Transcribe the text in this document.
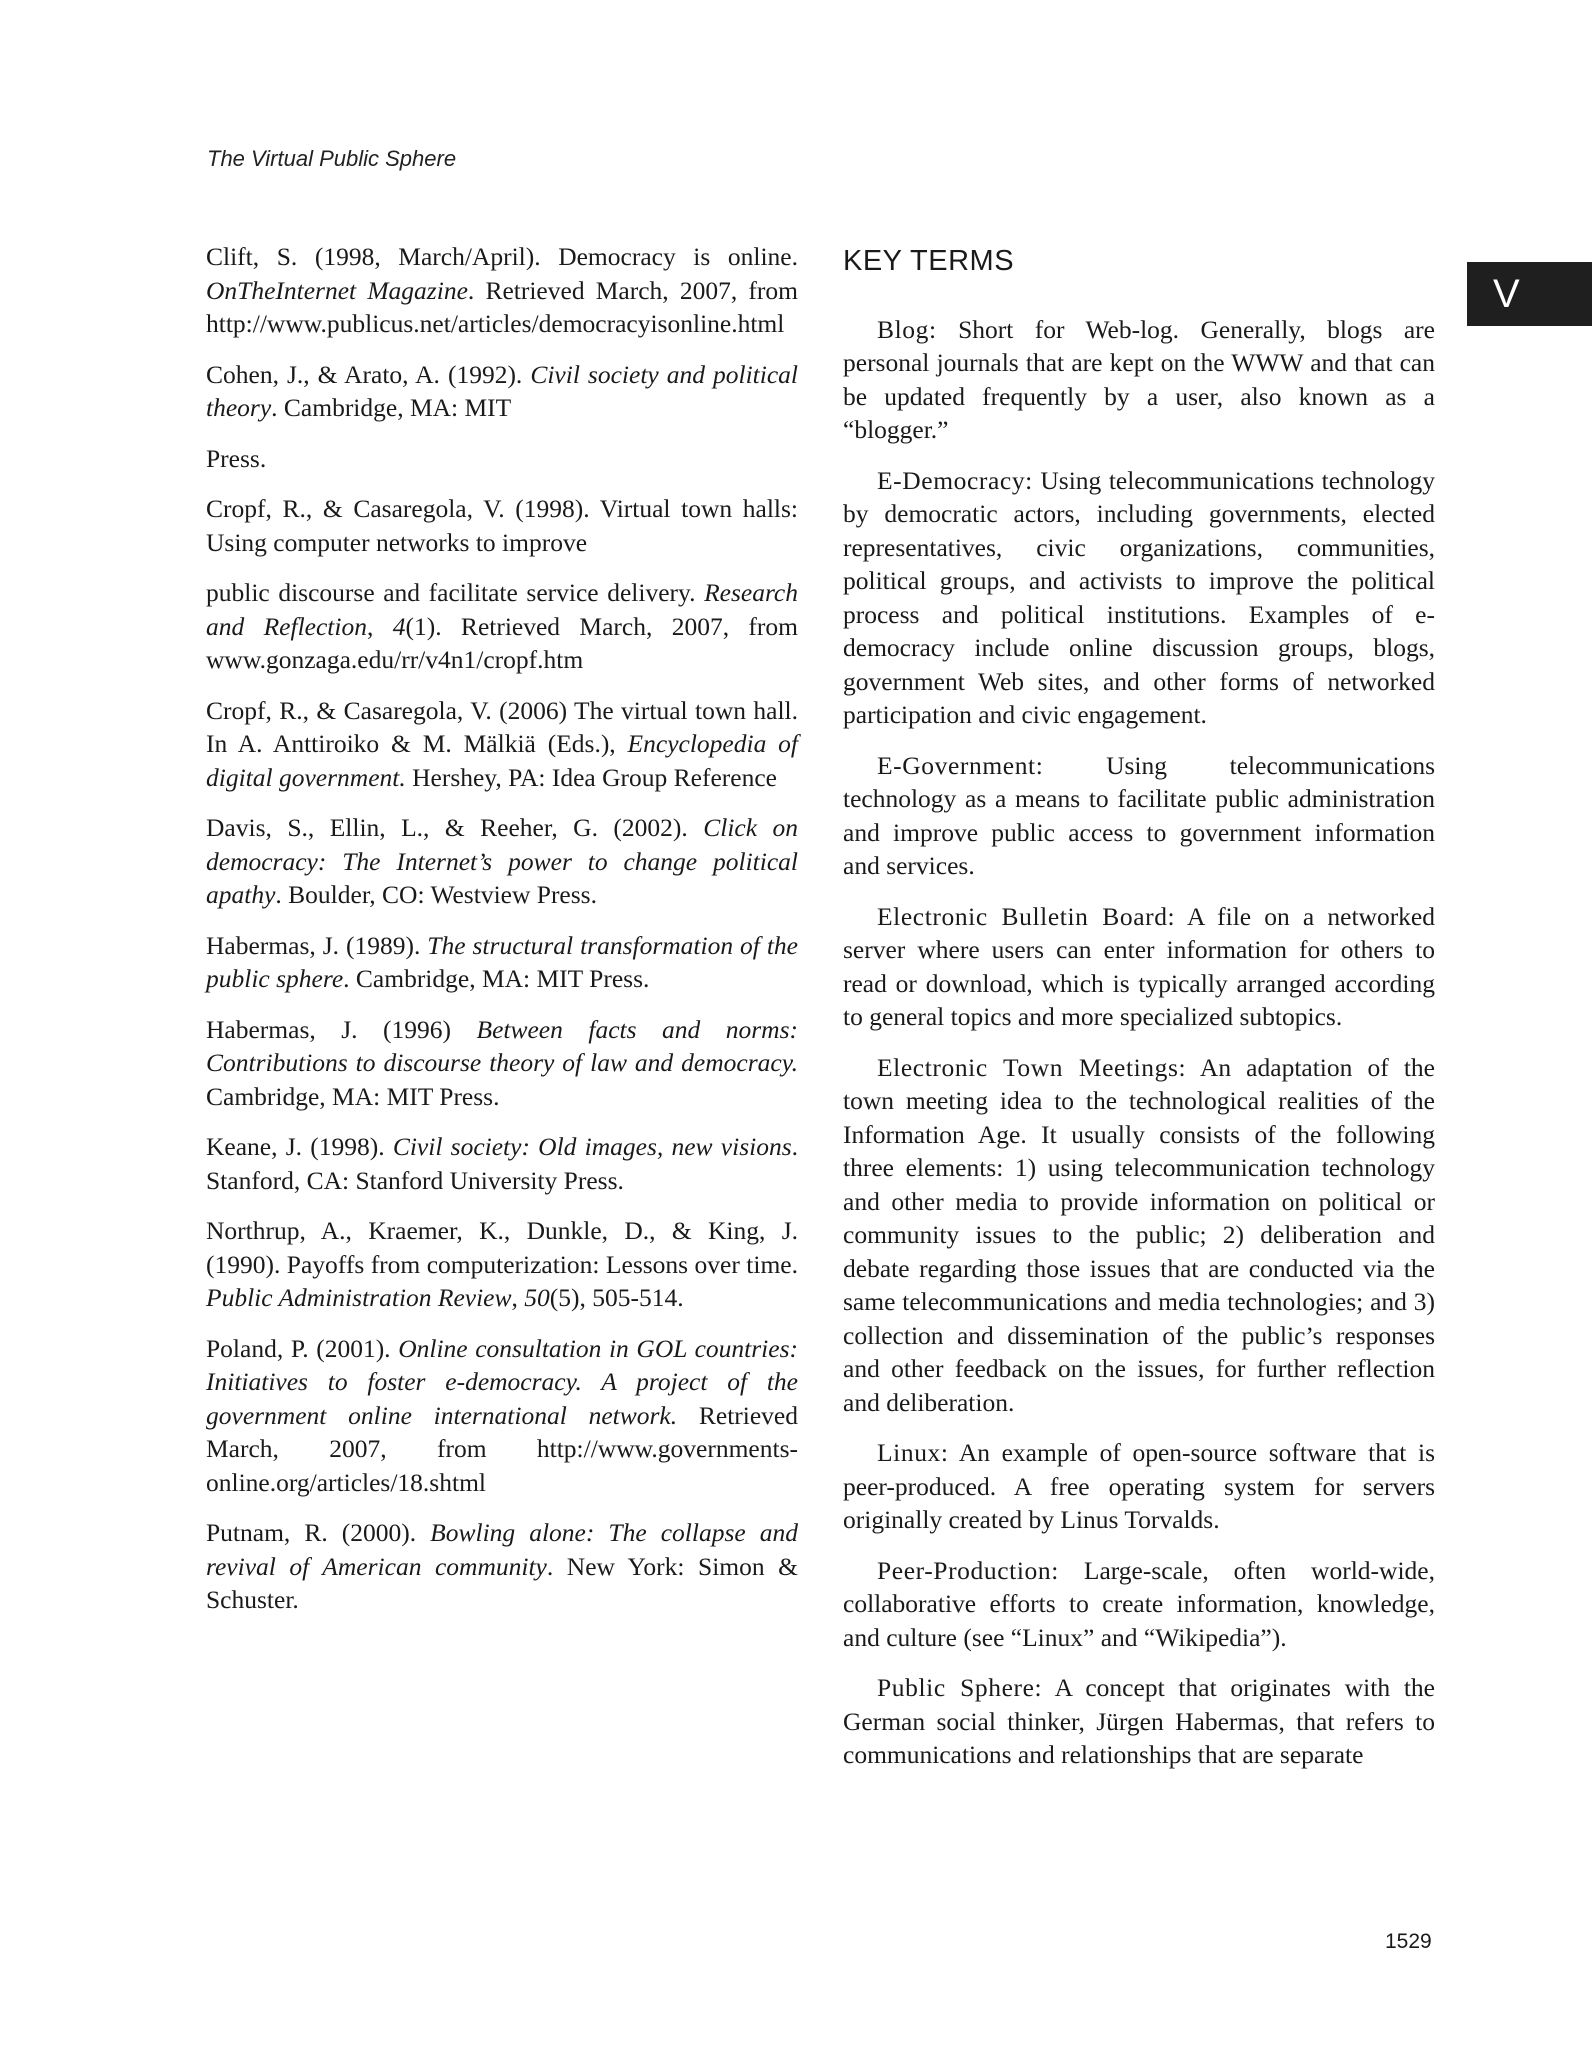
The Virtual Public Sphere
V

Clift, S. (1998, March/April). Democracy is online. OnTheInternet Magazine. Retrieved March, 2007, from http://www.publicus.net/articles/democracyisonline.html

Cohen, J., & Arato, A. (1992). Civil society and political theory. Cambridge, MA: MIT

Press.

Cropf, R., & Casaregola, V. (1998). Virtual town halls: Using computer networks to improve

public discourse and facilitate service delivery. Research and Reflection, 4(1). Retrieved March, 2007, from www.gonzaga.edu/rr/v4n1/cropf.htm

Cropf, R., & Casaregola, V. (2006) The virtual town hall. In A. Anttiroiko & M. Mälkiä (Eds.), Encyclopedia of digital government. Hershey, PA: Idea Group Reference

Davis, S., Ellin, L., & Reeher, G. (2002). Click on democracy: The Internet’s power to change political apathy. Boulder, CO: Westview Press.

Habermas, J. (1989). The structural transformation of the public sphere. Cambridge, MA: MIT Press.

Habermas, J. (1996) Between facts and norms: Contributions to discourse theory of law and democracy. Cambridge, MA: MIT Press.

Keane, J. (1998). Civil society: Old images, new visions. Stanford, CA: Stanford University Press.

Northrup, A., Kraemer, K., Dunkle, D., & King, J. (1990). Payoffs from computerization: Lessons over time. Public Administration Review, 50(5), 505-514.

Poland, P. (2001). Online consultation in GOL countries: Initiatives to foster e-democracy. A project of the government online international network. Retrieved March, 2007, from http://www.governments-online.org/articles/18.shtml

Putnam, R. (2000). Bowling alone: The collapse and revival of American community. New York: Simon & Schuster.

KEY TERMS

Blog: Short for Web-log. Generally, blogs are personal journals that are kept on the WWW and that can be updated frequently by a user, also known as a “blogger.”

E-Democracy: Using telecommunications technology by democratic actors, including governments, elected representatives, civic organizations, communities, political groups, and activists to improve the political process and political institutions. Examples of e-democracy include online discussion groups, blogs, government Web sites, and other forms of networked participation and civic engagement.

E-Government: Using telecommunications technology as a means to facilitate public administration and improve public access to government information and services.

Electronic Bulletin Board: A file on a networked server where users can enter information for others to read or download, which is typically arranged according to general topics and more specialized subtopics.

Electronic Town Meetings: An adaptation of the town meeting idea to the technological realities of the Information Age. It usually consists of the following three elements: 1) using telecommunication technology and other media to provide information on political or community issues to the public; 2) deliberation and debate regarding those issues that are conducted via the same telecommunications and media technologies; and 3) collection and dissemination of the public’s responses and other feedback on the issues, for further reflection and deliberation.

Linux: An example of open-source software that is peer-produced. A free operating system for servers originally created by Linus Torvalds.

Peer-Production: Large-scale, often world-wide, collaborative efforts to create information, knowledge, and culture (see “Linux” and “Wikipedia”).

Public Sphere: A concept that originates with the German social thinker, Jürgen Habermas, that refers to communications and relationships that are separate

1529
